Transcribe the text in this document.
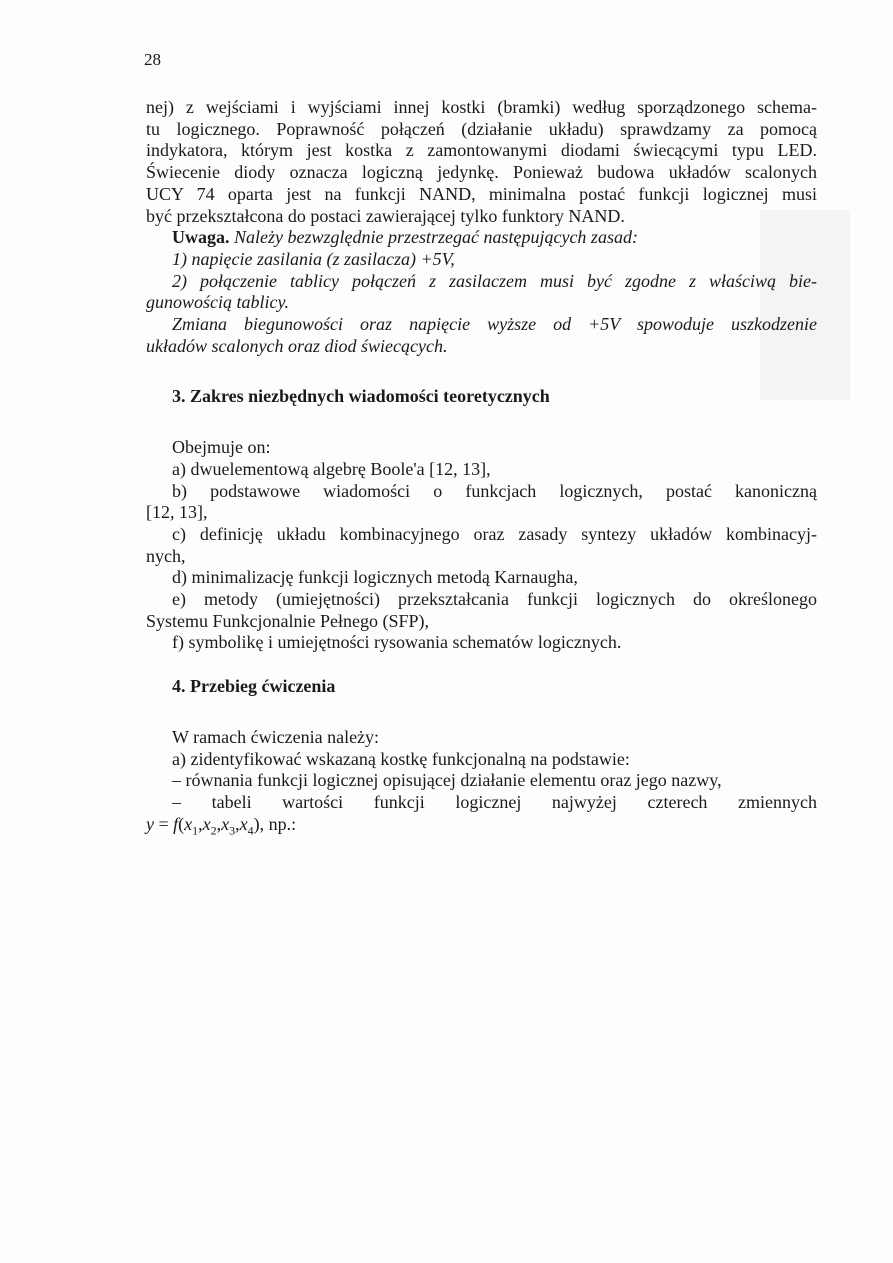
28

nej) z wejściami i wyjściami innej kostki (bramki) według sporządzonego schema-

tu logicznego. Poprawność połączeń (działanie układu) sprawdzamy za pomocą

indykatora, którym jest kostka z zamontowanymi diodami świecącymi typu LED.

Świecenie diody oznacza logiczną jedynkę. Ponieważ budowa układów scalonych

UCY 74 oparta jest na funkcji NAND, minimalna postać funkcji logicznej musi

być przekształcona do postaci zawierającej tylko funktory NAND.

Uwaga. Należy bezwzględnie przestrzegać następujących zasad:

1) napięcie zasilania (z zasilacza) +5V,

2) połączenie tablicy połączeń z zasilaczem musi być zgodne z właściwą bie-

gunowością tablicy.

Zmiana biegunowości oraz napięcie wyższe od +5V spowoduje uszkodzenie

układów scalonych oraz diod świecących.

3. Zakres niezbędnych wiadomości teoretycznych

Obejmuje on:

a) dwuelementową algebrę Boole'a [12, 13],

b) podstawowe wiadomości o funkcjach logicznych, postać kanoniczną

[12, 13],

c) definicję układu kombinacyjnego oraz zasady syntezy układów kombinacyj-

nych,

d) minimalizację funkcji logicznych metodą Karnaugha,

e) metody (umiejętności) przekształcania funkcji logicznych do określonego

Systemu Funkcjonalnie Pełnego (SFP),

f) symbolikę i umiejętności rysowania schematów logicznych.

4. Przebieg ćwiczenia

W ramach ćwiczenia należy:

a) zidentyfikować wskazaną kostkę funkcjonalną na podstawie:

– równania funkcji logicznej opisującej działanie elementu oraz jego nazwy,

– tabeli wartości funkcji logicznej najwyżej czterech zmiennych

$y = f(x_1,x_2,x_3,x_4)$, np.:
